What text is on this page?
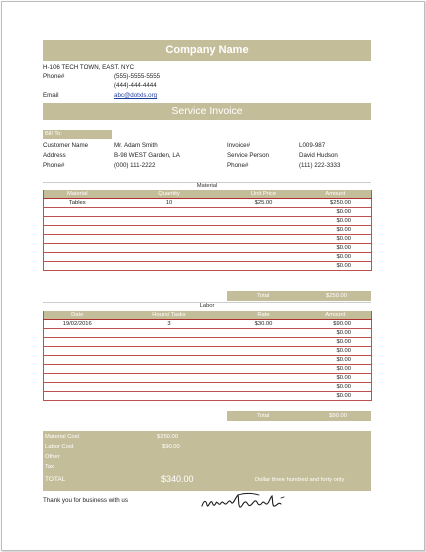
Company Name
H-106 TECH TOWN, EAST. NYC
Phone#	(555)-5555-5555
(444)-444-4444
Email	abc@dotxls.org
Service Invoice
Bill To:
Customer Name	Mr. Adam Smith
Address	B-98 WEST Garden, LA
Phone#	(000) 111-2222
Invoice#	L009-987
Service Person	David Hudson
Phone#	(111) 222-3333
Material
Material	Quantity	Unit Price	Amount
Tables	10	$25.00	$250.00
			$0.00
			$0.00
			$0.00
			$0.00
			$0.00
			$0.00
			$0.00
Total	$250.00
Labor
Date	Hours/ Tasks	Rate	Amount
19/02/2016	3	$30.00	$90.00
			$0.00
			$0.00
			$0.00
			$0.00
			$0.00
			$0.00
			$0.00
			$0.00
Total	$90.00
Material Cost	$250.00
Labor Cost	$90.00
Other
Tax
TOTAL	$340.00	Dollar three hundred and forty only
Thank you for business with us
